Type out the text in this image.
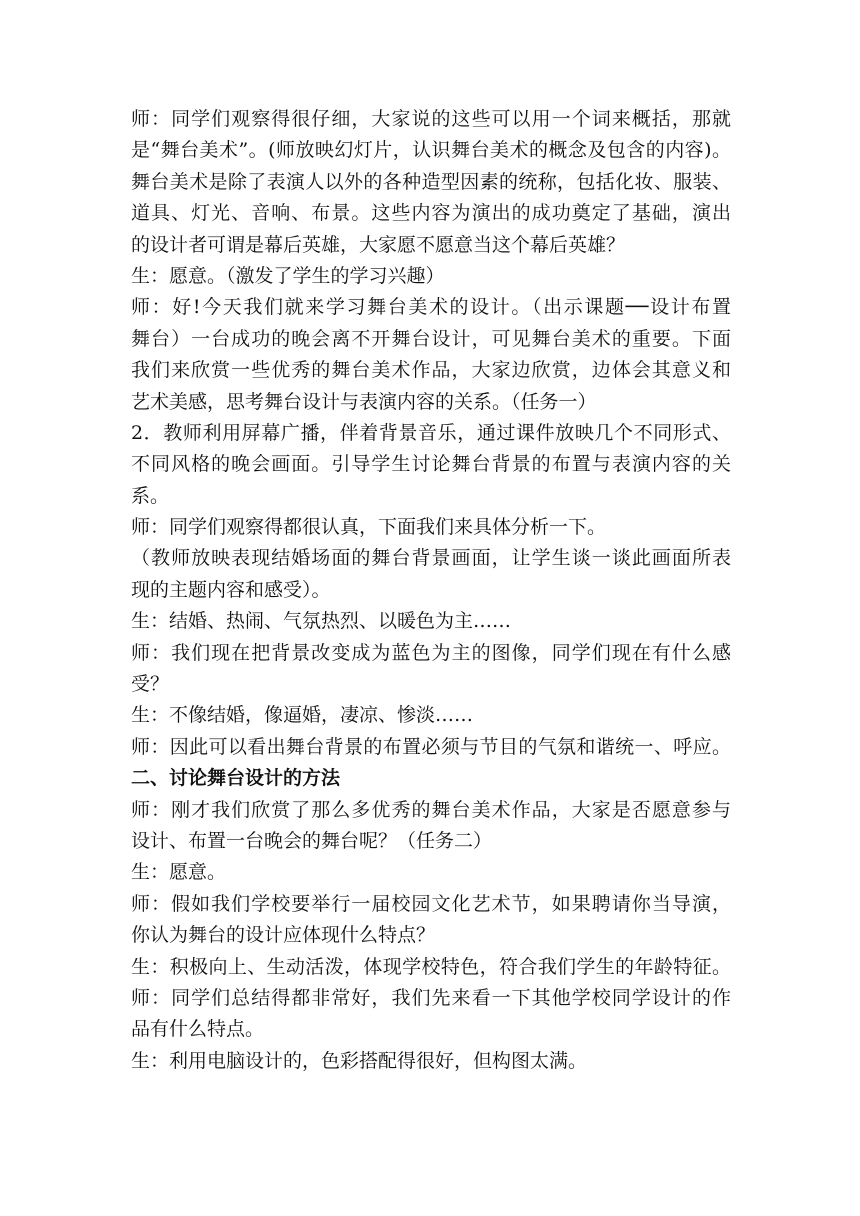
师：同学们观察得很仔细，大家说的这些可以用一个词来概括，那就
是“舞台美术”。(师放映幻灯片，认识舞台美术的概念及包含的内容)。
舞台美术是除了表演人以外的各种造型因素的统称，包括化妆、服装、
道具、灯光、音响、布景。这些内容为演出的成功奠定了基础，演出
的设计者可谓是幕后英雄，大家愿不愿意当这个幕后英雄？
生：愿意。（激发了学生的学习兴趣）
师：好!今天我们就来学习舞台美术的设计。（出示课题──设计布置
舞台）一台成功的晚会离不开舞台设计，可见舞台美术的重要。下面
我们来欣赏一些优秀的舞台美术作品，大家边欣赏，边体会其意义和
艺术美感，思考舞台设计与表演内容的关系。（任务一）
2．教师利用屏幕广播，伴着背景音乐，通过课件放映几个不同形式、
不同风格的晚会画面。引导学生讨论舞台背景的布置与表演内容的关
系。
师：同学们观察得都很认真，下面我们来具体分析一下。
（教师放映表现结婚场面的舞台背景画面，让学生谈一谈此画面所表
现的主题内容和感受）。
生：结婚、热闹、气氛热烈、以暖色为主……
师：我们现在把背景改变成为蓝色为主的图像，同学们现在有什么感
受？
生：不像结婚，像逼婚，凄凉、惨淡……
师：因此可以看出舞台背景的布置必须与节目的气氛和谐统一、呼应。
二、讨论舞台设计的方法
师：刚才我们欣赏了那么多优秀的舞台美术作品，大家是否愿意参与
设计、布置一台晚会的舞台呢？（任务二）
生：愿意。
师：假如我们学校要举行一届校园文化艺术节，如果聘请你当导演，
你认为舞台的设计应体现什么特点？
生：积极向上、生动活泼，体现学校特色，符合我们学生的年龄特征。
师：同学们总结得都非常好，我们先来看一下其他学校同学设计的作
品有什么特点。
生：利用电脑设计的，色彩搭配得很好，但构图太满。
